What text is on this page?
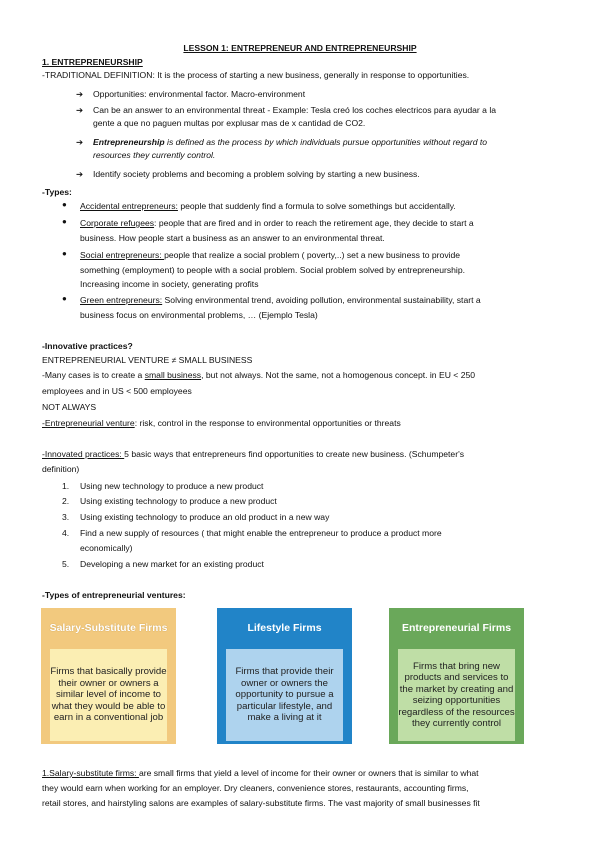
LESSON 1: ENTREPRENEUR AND ENTREPRENEURSHIP
1. ENTREPRENEURSHIP
-TRADITIONAL DEFINITION: It is the process of starting a new business, generally in response to opportunities.
➔ Opportunities: environmental factor. Macro-environment
➔ Can be an answer to an environmental threat - Example: Tesla creó los coches electricos para ayudar a la
gente a que no paguen multas por explusar mas de x cantidad de CO2.
➔ Entrepreneurship is defined as the process by which individuals pursue opportunities without regard to
resources they currently control.
➔ Identify society problems and becoming a problem solving by starting a new business.
-Types:
● Accidental entrepreneurs: people that suddenly find a formula to solve somethings but accidentally.
● Corporate refugees: people that are fired and in order to reach the retirement age, they decide to start a
business. How people start a business as an answer to an environmental threat.
● Social entrepreneurs: people that realize a social problem ( poverty,..) set a new business to provide
something (employment) to people with a social problem. Social problem solved by entrepreneurship.
Increasing income in society, generating profits
● Green entrepreneurs: Solving environmental trend, avoiding pollution, environmental sustainability, start a
business focus on environmental problems, … (Ejemplo Tesla)
-Innovative practices?
ENTREPRENEURIAL VENTURE ≠ SMALL BUSINESS
-Many cases is to create a small business, but not always. Not the same, not a homogenous concept. in EU < 250
employees and in US < 500 employees
NOT ALWAYS
-Entrepreneurial venture: risk, control in the response to environmental opportunities or threats
-Innovated practices: 5 basic ways that entrepreneurs find opportunities to create new business. (Schumpeter's
definition)
1. Using new technology to produce a new product
2. Using existing technology to produce a new product
3. Using existing technology to produce an old product in a new way
4. Find a new supply of resources ( that might enable the entrepreneur to produce a product more
economically)
5. Developing a new market for an existing product
-Types of entrepreneurial ventures:
Salary-Substitute Firms
Firms that basically provide their owner or owners a similar level of income to what they would be able to earn in a conventional job
Lifestyle Firms
Firms that provide their owner or owners the opportunity to pursue a particular lifestyle, and make a living at it
Entrepreneurial Firms
Firms that bring new products and services to the market by creating and seizing opportunities regardless of the resources they currently control
1.Salary-substitute firms: are small firms that yield a level of income for their owner or owners that is similar to what
they would earn when working for an employer. Dry cleaners, convenience stores, restaurants, accounting firms,
retail stores, and hairstyling salons are examples of salary-substitute firms. The vast majority of small businesses fit
